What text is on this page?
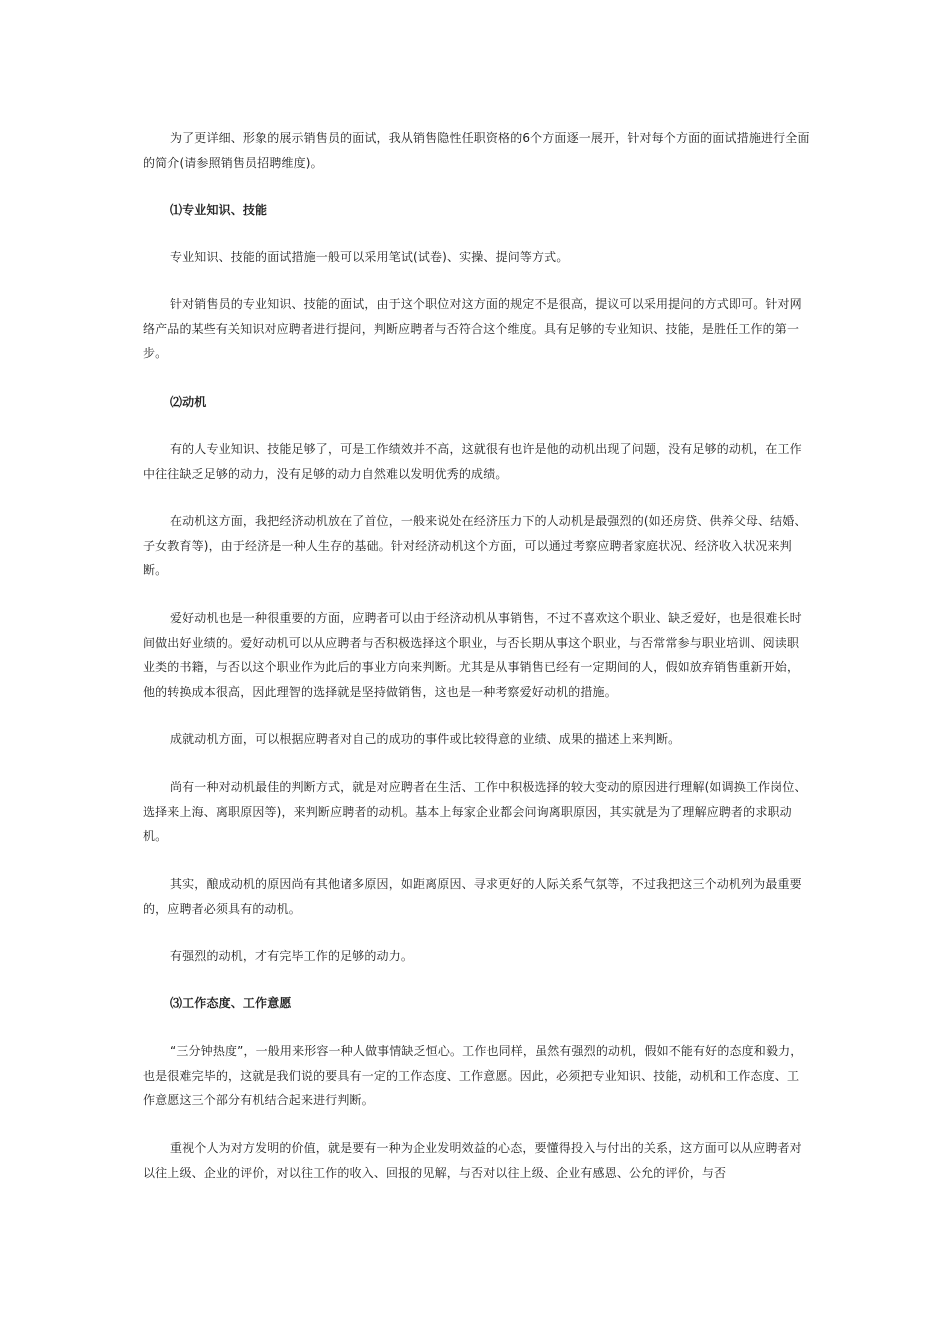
为了更详细、形象的展示销售员的面试，我从销售隐性任职资格的6个方面逐一展开，针对每个方面的面试措施进行全面的简介(请参照销售员招聘维度)。

⑴专业知识、技能

专业知识、技能的面试措施一般可以采用笔试(试卷)、实操、提问等方式。

针对销售员的专业知识、技能的面试，由于这个职位对这方面的规定不是很高，提议可以采用提问的方式即可。针对网络产品的某些有关知识对应聘者进行提问，判断应聘者与否符合这个维度。具有足够的专业知识、技能，是胜任工作的第一步。

⑵动机

有的人专业知识、技能足够了，可是工作绩效并不高，这就很有也许是他的动机出现了问题，没有足够的动机，在工作中往往缺乏足够的动力，没有足够的动力自然难以发明优秀的成绩。

在动机这方面，我把经济动机放在了首位，一般来说处在经济压力下的人动机是最强烈的(如还房贷、供养父母、结婚、子女教育等)，由于经济是一种人生存的基础。针对经济动机这个方面，可以通过考察应聘者家庭状况、经济收入状况来判断。

爱好动机也是一种很重要的方面，应聘者可以由于经济动机从事销售，不过不喜欢这个职业、缺乏爱好，也是很难长时间做出好业绩的。爱好动机可以从应聘者与否积极选择这个职业，与否长期从事这个职业，与否常常参与职业培训、阅读职业类的书籍，与否以这个职业作为此后的事业方向来判断。尤其是从事销售已经有一定期间的人，假如放弃销售重新开始，他的转换成本很高，因此理智的选择就是坚持做销售，这也是一种考察爱好动机的措施。

成就动机方面，可以根据应聘者对自己的成功的事件或比较得意的业绩、成果的描述上来判断。

尚有一种对动机最佳的判断方式，就是对应聘者在生活、工作中积极选择的较大变动的原因进行理解(如调换工作岗位、选择来上海、离职原因等)，来判断应聘者的动机。基本上每家企业都会问询离职原因，其实就是为了理解应聘者的求职动机。

其实，酿成动机的原因尚有其他诸多原因，如距离原因、寻求更好的人际关系气氛等，不过我把这三个动机列为最重要的，应聘者必须具有的动机。

有强烈的动机，才有完毕工作的足够的动力。

⑶工作态度、工作意愿

“三分钟热度”，一般用来形容一种人做事情缺乏恒心。工作也同样，虽然有强烈的动机，假如不能有好的态度和毅力，也是很难完毕的，这就是我们说的要具有一定的工作态度、工作意愿。因此，必须把专业知识、技能，动机和工作态度、工作意愿这三个部分有机结合起来进行判断。

重视个人为对方发明的价值，就是要有一种为企业发明效益的心态，要懂得投入与付出的关系，这方面可以从应聘者对以往上级、企业的评价，对以往工作的收入、回报的见解，与否对以往上级、企业有感恩、公允的评价，与否
